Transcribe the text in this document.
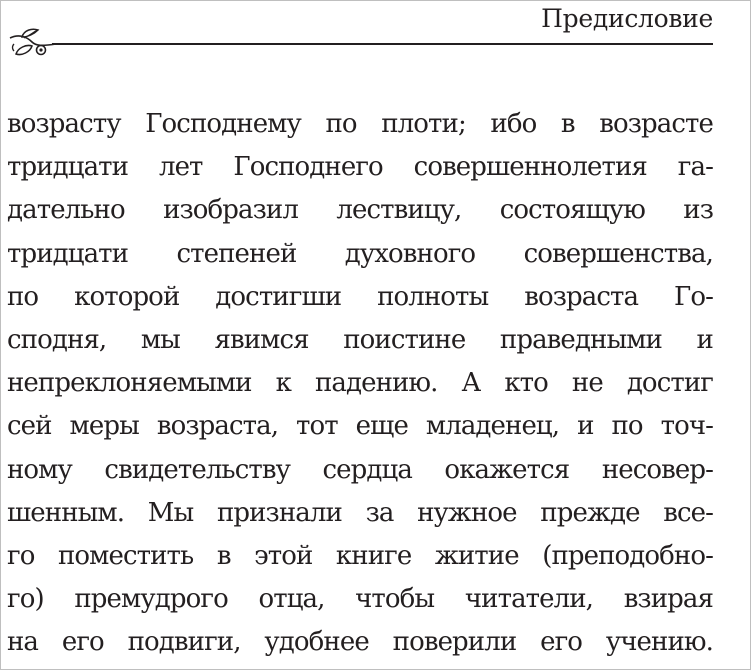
Предисловие
возрасту Господнему по плоти; ибо в возрасте
тридцати лет Господнего совершеннолетия га-
дательно изобразил лествицу, состоящую из
тридцати степеней духовного совершенства,
по которой достигши полноты возраста Го-
сподня, мы явимся поистине праведными и
непреклоняемыми к падению. А кто не достиг
сей меры возраста, тот еще младенец, и по точ-
ному свидетельству сердца окажется несовер-
шенным. Мы признали за нужное прежде все-
го поместить в этой книге житие (преподобно-
го) премудрого отца, чтобы читатели, взирая
на его подвиги, удобнее поверили его учению.
